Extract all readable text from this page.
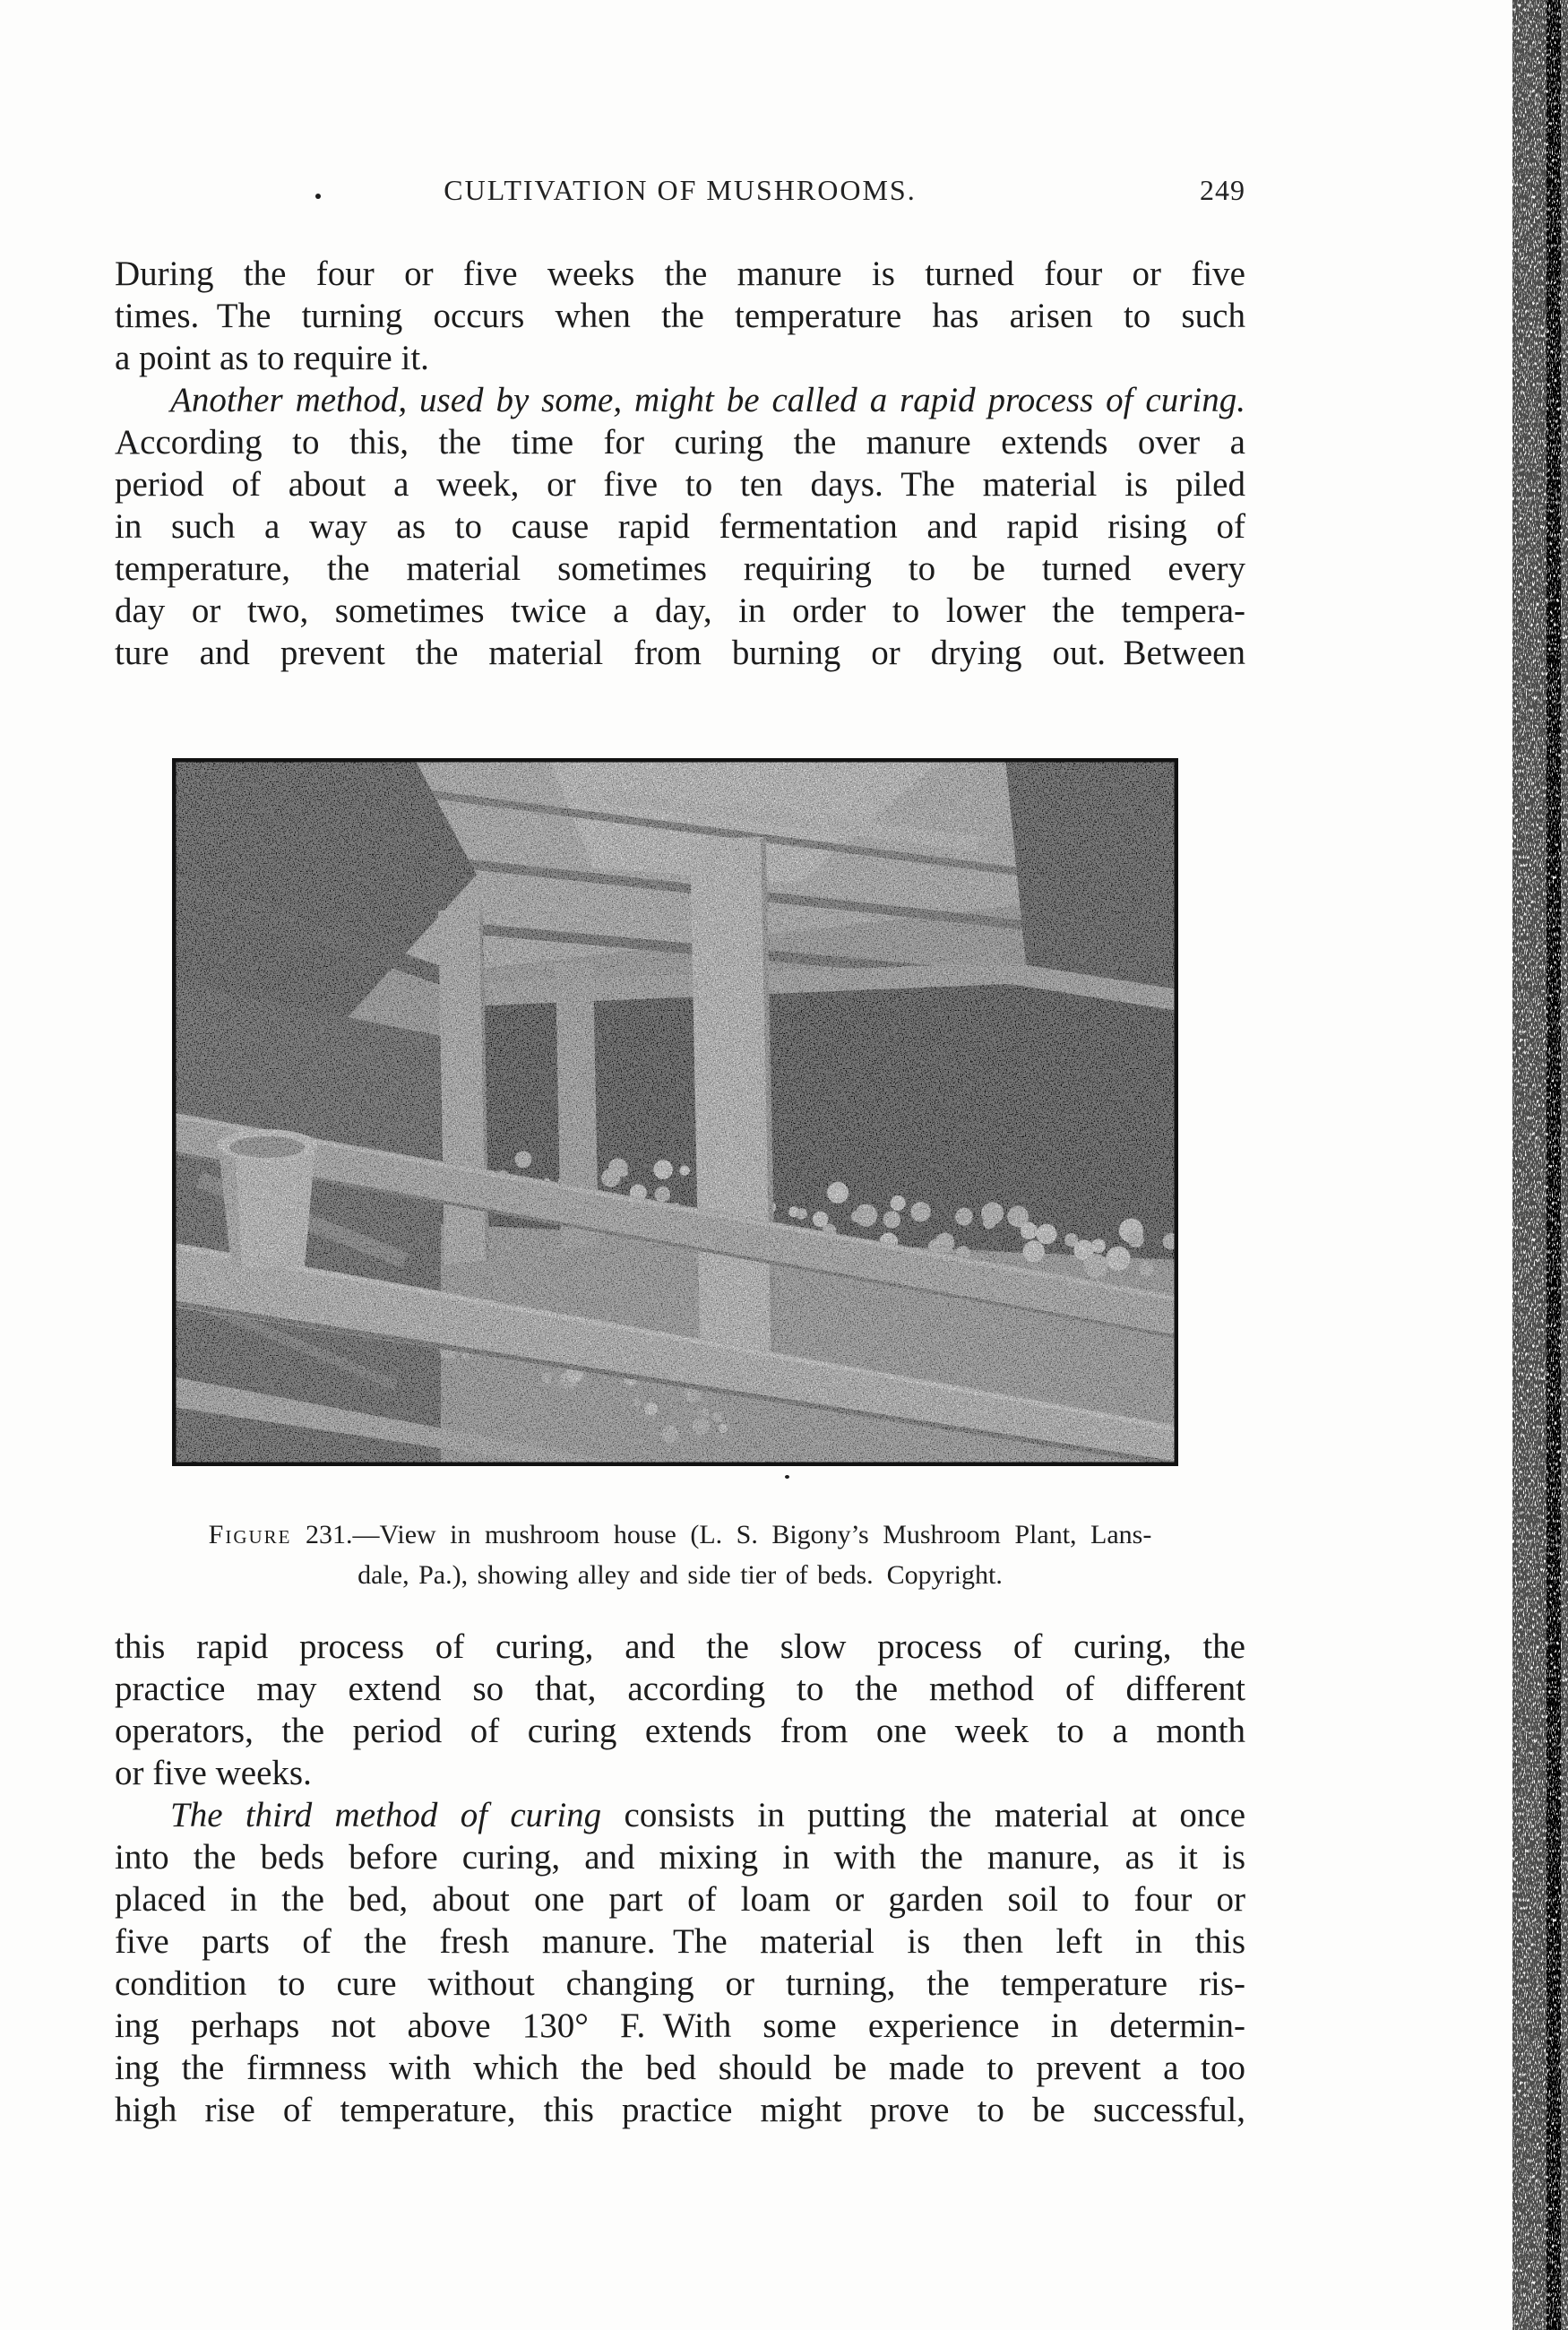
CULTIVATION OF MUSHROOMS.	249
During the four or five weeks the manure is turned four or five
times. The turning occurs when the temperature has arisen to such
a point as to require it.
Another method, used by some, might be called a rapid process of curing.
According to this, the time for curing the manure extends over a
period of about a week, or five to ten days. The material is piled
in such a way as to cause rapid fermentation and rapid rising of
temperature, the material sometimes requiring to be turned every
day or two, sometimes twice a day, in order to lower the tempera-
ture and prevent the material from burning or drying out. Between
Figure 231.—View in mushroom house (L. S. Bigony’s Mushroom Plant, Lans-
dale, Pa.), showing alley and side tier of beds. Copyright.
this rapid process of curing, and the slow process of curing, the
practice may extend so that, according to the method of different
operators, the period of curing extends from one week to a month
or five weeks.
The third method of curing consists in putting the material at once
into the beds before curing, and mixing in with the manure, as it is
placed in the bed, about one part of loam or garden soil to four or
five parts of the fresh manure. The material is then left in this
condition to cure without changing or turning, the temperature ris-
ing perhaps not above 130° F. With some experience in determin-
ing the firmness with which the bed should be made to prevent a too
high rise of temperature, this practice might prove to be successful,
